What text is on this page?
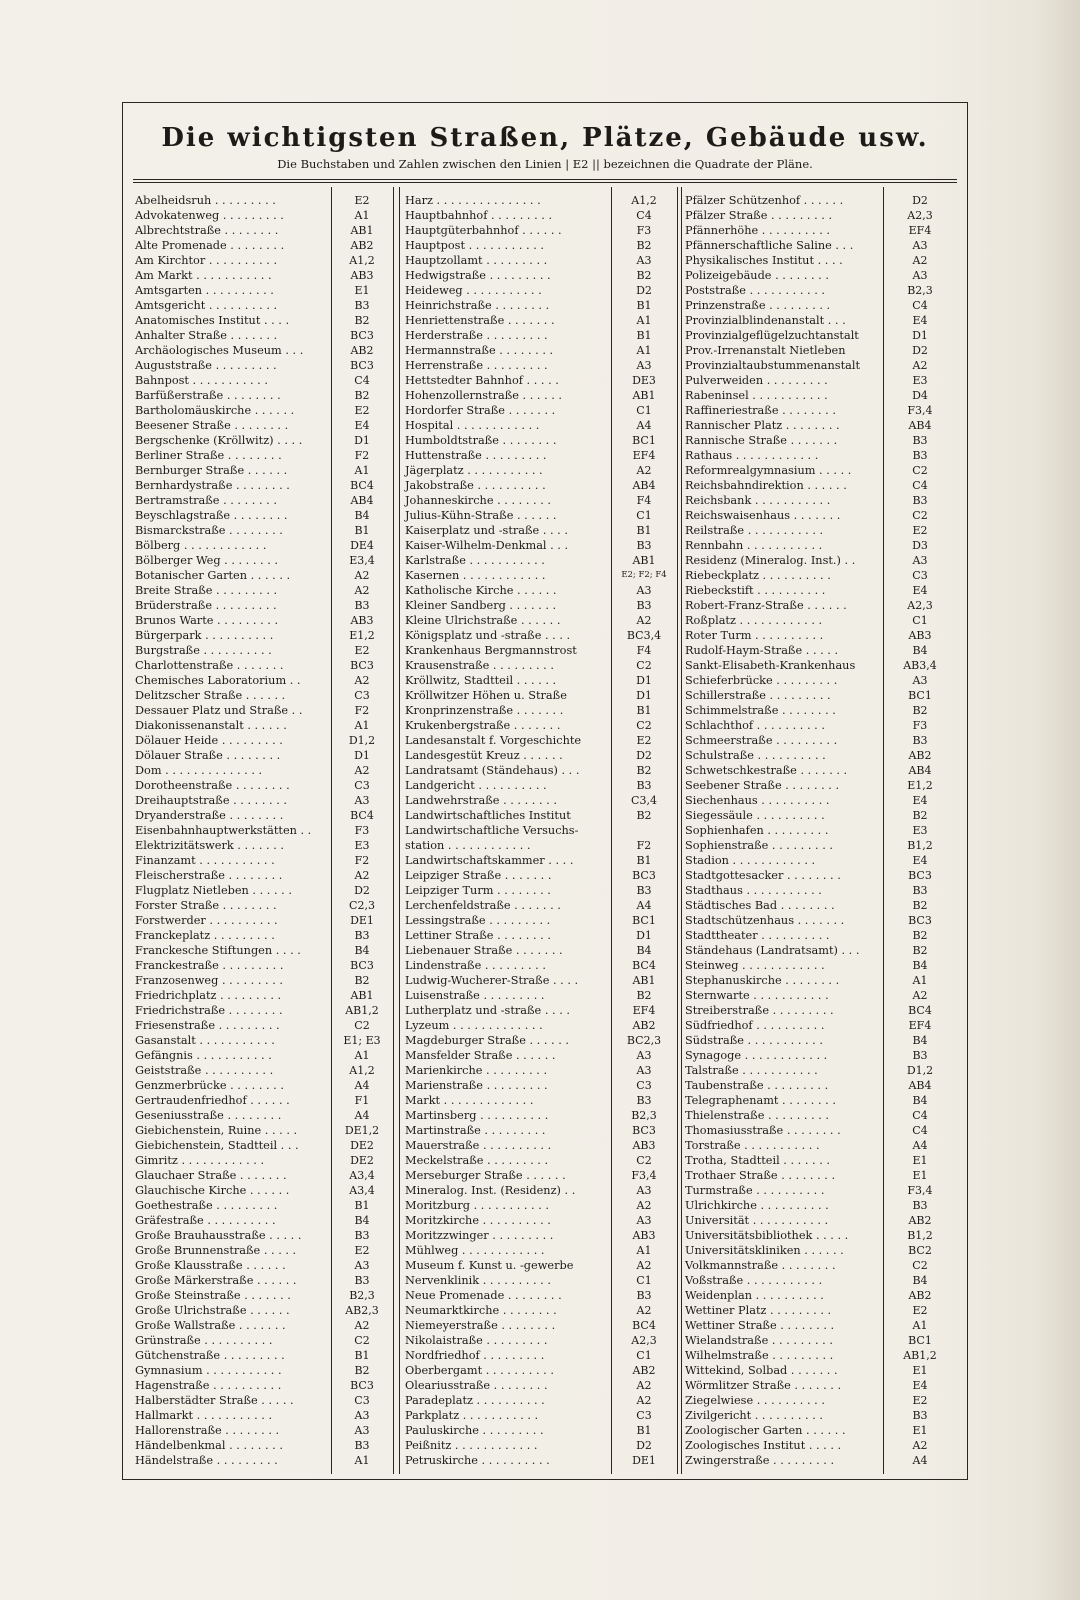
Die wichtigsten Straßen, Plätze, Gebäude usw.
Die Buchstaben und Zahlen zwischen den Linien | E2 || bezeichnen die Quadrate der Pläne.
Abelheidsruh . . . . . . . . .	E2
Advokatenweg . . . . . . . . .	A1
Albrechtstraße . . . . . . . .	AB1
Alte Promenade . . . . . . . .	AB2
Am Kirchtor . . . . . . . . . .	A1,2
Am Markt . . . . . . . . . . .	AB3
Amtsgarten . . . . . . . . . .	E1
Amtsgericht . . . . . . . . . .	B3
Anatomisches Institut . . . .	B2
Anhalter Straße . . . . . . .	BC3
Archäologisches Museum . . .	AB2
Auguststraße . . . . . . . . .	BC3
Bahnpost . . . . . . . . . . .	C4
Barfüßerstraße . . . . . . . .	B2
Bartholomäuskirche . . . . . .	E2
Beesener Straße . . . . . . . .	E4
Bergschenke (Kröllwitz) . . . .	D1
Berliner Straße . . . . . . . .	F2
Bernburger Straße . . . . . .	A1
Bernhardystraße . . . . . . . .	BC4
Bertramstraße . . . . . . . .	AB4
Beyschlagstraße . . . . . . . .	B4
Bismarckstraße . . . . . . . .	B1
Bölberg . . . . . . . . . . . .	DE4
Bölberger Weg . . . . . . . .	E3,4
Botanischer Garten . . . . . .	A2
Breite Straße . . . . . . . . .	A2
Brüderstraße . . . . . . . . .	B3
Brunos Warte . . . . . . . . .	AB3
Bürgerpark . . . . . . . . . .	E1,2
Burgstraße . . . . . . . . . .	E2
Charlottenstraße . . . . . . .	BC3
Chemisches Laboratorium . .	A2
Delitzscher Straße . . . . . .	C3
Dessauer Platz und Straße . .	F2
Diakonissenanstalt . . . . . .	A1
Dölauer Heide . . . . . . . . .	D1,2
Dölauer Straße . . . . . . . .	D1
Dom . . . . . . . . . . . . . .	A2
Dorotheenstraße . . . . . . . .	C3
Dreihauptstraße . . . . . . . .	A3
Dryanderstraße . . . . . . . .	BC4
Eisenbahnhauptwerkstätten . .	F3
Elektrizitätswerk . . . . . . .	E3
Finanzamt . . . . . . . . . . .	F2
Fleischerstraße . . . . . . . .	A2
Flugplatz Nietleben . . . . . .	D2
Forster Straße . . . . . . . .	C2,3
Forstwerder . . . . . . . . . .	DE1
Franckeplatz . . . . . . . . .	B3
Franckesche Stiftungen . . . .	B4
Franckestraße . . . . . . . . .	BC3
Franzosenweg . . . . . . . . .	B2
Friedrichplatz . . . . . . . . .	AB1
Friedrichstraße . . . . . . . .	AB1,2
Friesenstraße . . . . . . . . .	C2
Gasanstalt . . . . . . . . . . .	E1; E3
Gefängnis . . . . . . . . . . .	A1
Geiststraße . . . . . . . . . .	A1,2
Genzmerbrücke . . . . . . . .	A4
Gertraudenfriedhof . . . . . .	F1
Geseniusstraße . . . . . . . .	A4
Giebichenstein, Ruine . . . . .	DE1,2
Giebichenstein, Stadtteil . . .	DE2
Gimritz . . . . . . . . . . . .	DE2
Glauchaer Straße . . . . . . .	A3,4
Glauchische Kirche . . . . . .	A3,4
Goethestraße . . . . . . . . .	B1
Gräfestraße . . . . . . . . . .	B4
Große Brauhausstraße . . . . .	B3
Große Brunnenstraße . . . . .	E2
Große Klausstraße . . . . . .	A3
Große Märkerstraße . . . . . .	B3
Große Steinstraße . . . . . . .	B2,3
Große Ulrichstraße . . . . . .	AB2,3
Große Wallstraße . . . . . . .	A2
Grünstraße . . . . . . . . . .	C2
Gütchenstraße . . . . . . . . .	B1
Gymnasium . . . . . . . . . . .	B2
Hagenstraße . . . . . . . . . .	BC3
Halberstädter Straße . . . . .	C3
Hallmarkt . . . . . . . . . . .	A3
Hallorenstraße . . . . . . . .	A3
Händelbenkmal . . . . . . . .	B3
Händelstraße . . . . . . . . .	A1
Harz . . . . . . . . . . . . . . .	A1,2
Hauptbahnhof . . . . . . . . .	C4
Hauptgüterbahnhof . . . . . .	F3
Hauptpost . . . . . . . . . . .	B2
Hauptzollamt . . . . . . . . .	A3
Hedwigstraße . . . . . . . . .	B2
Heideweg . . . . . . . . . . .	D2
Heinrichstraße . . . . . . . .	B1
Henriettenstraße . . . . . . .	A1
Herderstraße . . . . . . . . .	B1
Hermannstraße . . . . . . . .	A1
Herrenstraße . . . . . . . . .	A3
Hettstedter Bahnhof . . . . .	DE3
Hohenzollernstraße . . . . . .	AB1
Hordorfer Straße . . . . . . .	C1
Hospital . . . . . . . . . . . .	A4
Humboldtstraße . . . . . . . .	BC1
Huttenstraße . . . . . . . . .	EF4
Jägerplatz . . . . . . . . . . .	A2
Jakobstraße . . . . . . . . . .	AB4
Johanneskirche . . . . . . . .	F4
Julius-Kühn-Straße . . . . . .	C1
Kaiserplatz und -straße . . . .	B1
Kaiser-Wilhelm-Denkmal . . .	B3
Karlstraße . . . . . . . . . . .	AB1
Kasernen . . . . . . . . . . . .	E2; F2; F4
Katholische Kirche . . . . . .	A3
Kleiner Sandberg . . . . . . .	B3
Kleine Ulrichstraße . . . . . .	A2
Königsplatz und -straße . . . .	BC3,4
Krankenhaus Bergmannstrost	F4
Krausenstraße . . . . . . . . .	C2
Kröllwitz, Stadtteil . . . . . .	D1
Kröllwitzer Höhen u. Straße	D1
Kronprinzenstraße . . . . . . .	B1
Krukenbergstraße . . . . . . .	C2
Landesanstalt f. Vorgeschichte	E2
Landesgestüt Kreuz . . . . . .	D2
Landratsamt (Ständehaus) . . .	B2
Landgericht . . . . . . . . . .	B3
Landwehrstraße . . . . . . . .	C3,4
Landwirtschaftliches Institut	B2
Landwirtschaftliche Versuchs-
station . . . . . . . . . . . .	F2
Landwirtschaftskammer . . . .	B1
Leipziger Straße . . . . . . .	BC3
Leipziger Turm . . . . . . . .	B3
Lerchenfeldstraße . . . . . . .	A4
Lessingstraße . . . . . . . . .	BC1
Lettiner Straße . . . . . . . .	D1
Liebenauer Straße . . . . . . .	B4
Lindenstraße . . . . . . . . .	BC4
Ludwig-Wucherer-Straße . . . .	AB1
Luisenstraße . . . . . . . . .	B2
Lutherplatz und -straße . . . .	EF4
Lyzeum . . . . . . . . . . . . .	AB2
Magdeburger Straße . . . . . .	BC2,3
Mansfelder Straße . . . . . .	A3
Marienkirche . . . . . . . . .	A3
Marienstraße . . . . . . . . .	C3
Markt . . . . . . . . . . . . .	B3
Martinsberg . . . . . . . . . .	B2,3
Martinstraße . . . . . . . . .	BC3
Mauerstraße . . . . . . . . . .	AB3
Meckelstraße . . . . . . . . .	C2
Merseburger Straße . . . . . .	F3,4
Mineralog. Inst. (Residenz) . .	A3
Moritzburg . . . . . . . . . . .	A2
Moritzkirche . . . . . . . . . .	A3
Moritzzwinger . . . . . . . . .	AB3
Mühlweg . . . . . . . . . . . .	A1
Museum f. Kunst u. -gewerbe	A2
Nervenklinik . . . . . . . . . .	C1
Neue Promenade . . . . . . . .	B3
Neumarktkirche . . . . . . . .	A2
Niemeyerstraße . . . . . . . .	BC4
Nikolaistraße . . . . . . . . .	A2,3
Nordfriedhof . . . . . . . . .	C1
Oberbergamt . . . . . . . . . .	AB2
Oleariusstraße . . . . . . . .	A2
Paradeplatz . . . . . . . . . .	A2
Parkplatz . . . . . . . . . . .	C3
Pauluskirche . . . . . . . . .	B1
Peißnitz . . . . . . . . . . . .	D2
Petruskirche . . . . . . . . . .	DE1
Pfälzer Schützenhof . . . . . .	D2
Pfälzer Straße . . . . . . . . .	A2,3
Pfännerhöhe . . . . . . . . . .	EF4
Pfännerschaftliche Saline . . .	A3
Physikalisches Institut . . . .	A2
Polizeigebäude . . . . . . . .	A3
Poststraße . . . . . . . . . . .	B2,3
Prinzenstraße . . . . . . . . .	C4
Provinzialblindenanstalt . . .	E4
Provinzialgeflügelzuchtanstalt	D1
Prov.-Irrenanstalt Nietleben	D2
Provinzialtaubstummenanstalt	A2
Pulverweiden . . . . . . . . .	E3
Rabeninsel . . . . . . . . . . .	D4
Raffineriestraße . . . . . . . .	F3,4
Rannischer Platz . . . . . . . .	AB4
Rannische Straße . . . . . . .	B3
Rathaus . . . . . . . . . . . .	B3
Reformrealgymnasium . . . . .	C2
Reichsbahndirektion . . . . . .	C4
Reichsbank . . . . . . . . . . .	B3
Reichswaisenhaus . . . . . . .	C2
Reilstraße . . . . . . . . . . .	E2
Rennbahn . . . . . . . . . . .	D3
Residenz (Mineralog. Inst.) . .	A3
Riebeckplatz . . . . . . . . . .	C3
Riebeckstift . . . . . . . . . .	E4
Robert-Franz-Straße . . . . . .	A2,3
Roßplatz . . . . . . . . . . . .	C1
Roter Turm . . . . . . . . . .	AB3
Rudolf-Haym-Straße . . . . .	B4
Sankt-Elisabeth-Krankenhaus	AB3,4
Schieferbrücke . . . . . . . . .	A3
Schillerstraße . . . . . . . . .	BC1
Schimmelstraße . . . . . . . .	B2
Schlachthof . . . . . . . . . .	F3
Schmeerstraße . . . . . . . . .	B3
Schulstraße . . . . . . . . . .	AB2
Schwetschkestraße . . . . . . .	AB4
Seebener Straße . . . . . . . .	E1,2
Siechenhaus . . . . . . . . . .	E4
Siegessäule . . . . . . . . . .	B2
Sophienhafen . . . . . . . . .	E3
Sophienstraße . . . . . . . . .	B1,2
Stadion . . . . . . . . . . . .	E4
Stadtgottesacker . . . . . . . .	BC3
Stadthaus . . . . . . . . . . .	B3
Städtisches Bad . . . . . . . .	B2
Stadtschützenhaus . . . . . . .	BC3
Stadttheater . . . . . . . . . .	B2
Ständehaus (Landratsamt) . . .	B2
Steinweg . . . . . . . . . . . .	B4
Stephanuskirche . . . . . . . .	A1
Sternwarte . . . . . . . . . . .	A2
Streiberstraße . . . . . . . . .	BC4
Südfriedhof . . . . . . . . . .	EF4
Südstraße . . . . . . . . . . .	B4
Synagoge . . . . . . . . . . . .	B3
Talstraße . . . . . . . . . . .	D1,2
Taubenstraße . . . . . . . . .	AB4
Telegraphenamt . . . . . . . .	B4
Thielenstraße . . . . . . . . .	C4
Thomasiusstraße . . . . . . . .	C4
Torstraße . . . . . . . . . . .	A4
Trotha, Stadtteil . . . . . . .	E1
Trothaer Straße . . . . . . . .	E1
Turmstraße . . . . . . . . . .	F3,4
Ulrichkirche . . . . . . . . . .	B3
Universität . . . . . . . . . . .	AB2
Universitätsbibliothek . . . . .	B1,2
Universitätskliniken . . . . . .	BC2
Volkmannstraße . . . . . . . .	C2
Voßstraße . . . . . . . . . . .	B4
Weidenplan . . . . . . . . . .	AB2
Wettiner Platz . . . . . . . . .	E2
Wettiner Straße . . . . . . . .	A1
Wielandstraße . . . . . . . . .	BC1
Wilhelmstraße . . . . . . . . .	AB1,2
Wittekind, Solbad . . . . . . .	E1
Wörmlitzer Straße . . . . . . .	E4
Ziegelwiese . . . . . . . . . .	E2
Zivilgericht . . . . . . . . . .	B3
Zoologischer Garten . . . . . .	E1
Zoologisches Institut . . . . .	A2
Zwingerstraße . . . . . . . . .	A4
